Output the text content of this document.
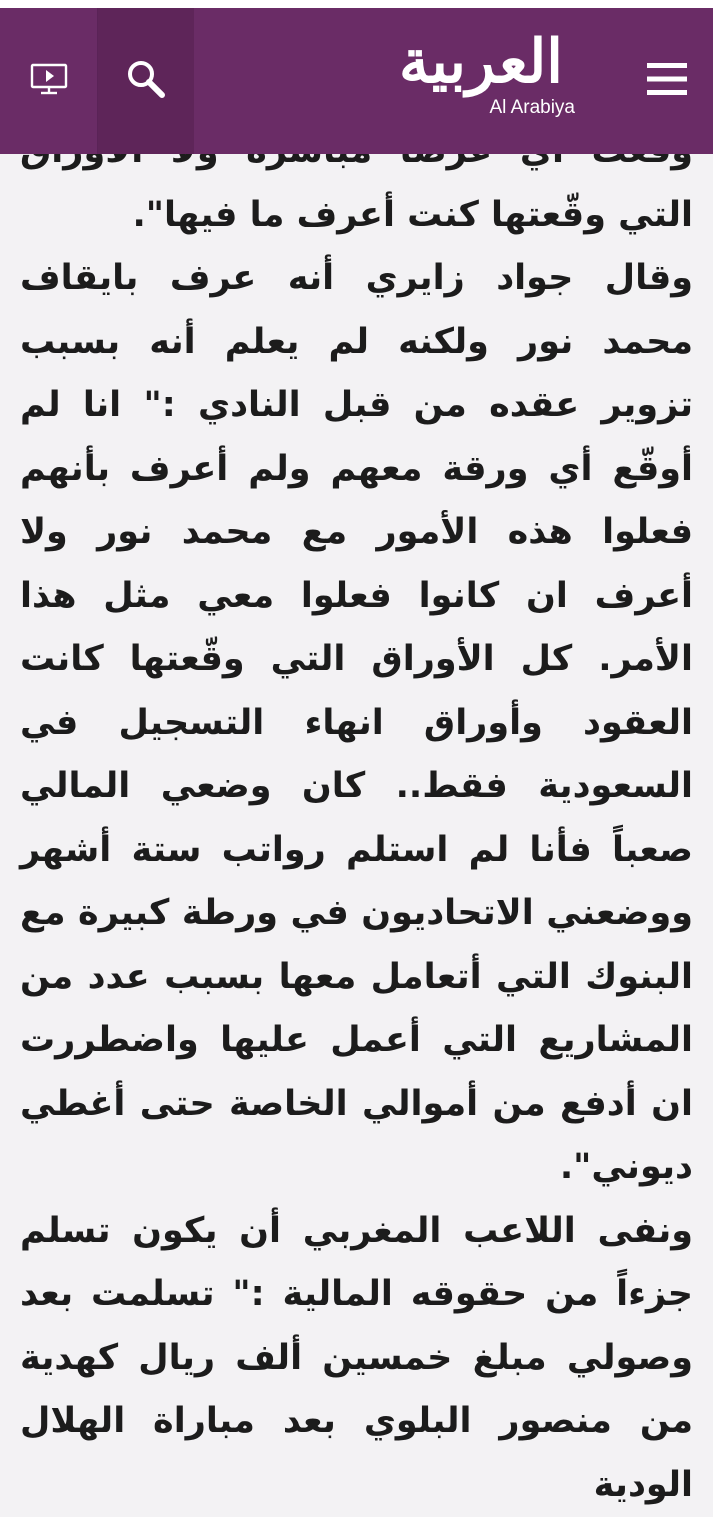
التي وقّعتها كنت أعرف ما فيها".

وقال جواد زايري أنه عرف بايقاف محمد نور ولكنه لم يعلم أنه بسبب تزوير عقده من قبل النادي :" انا لم أوقّع أي ورقة معهم ولم أعرف بأنهم فعلوا هذه الأمور مع محمد نور ولا أعرف ان كانوا فعلوا معي مثل هذا الأمر. كل الأوراق التي وقّعتها كانت العقود وأوراق انهاء التسجيل في السعودية فقط.. كان وضعي المالي صعباً فأنا لم استلم رواتب ستة أشهر ووضعني الاتحاديون في ورطة كبيرة مع البنوك التي أتعامل معها بسبب عدد من المشاريع التي أعمل عليها واضطررت ان أدفع من أموالي الخاصة حتى أغطي ديوني".

ونفى اللاعب المغربي أن يكون تسلم جزءاً من حقوقه المالية :" تسلمت بعد وصولي مبلغ خمسين ألف ريال كهدية من منصور البلوي بعد مباراة الهلال الودية

العربية
Al Arabiya
